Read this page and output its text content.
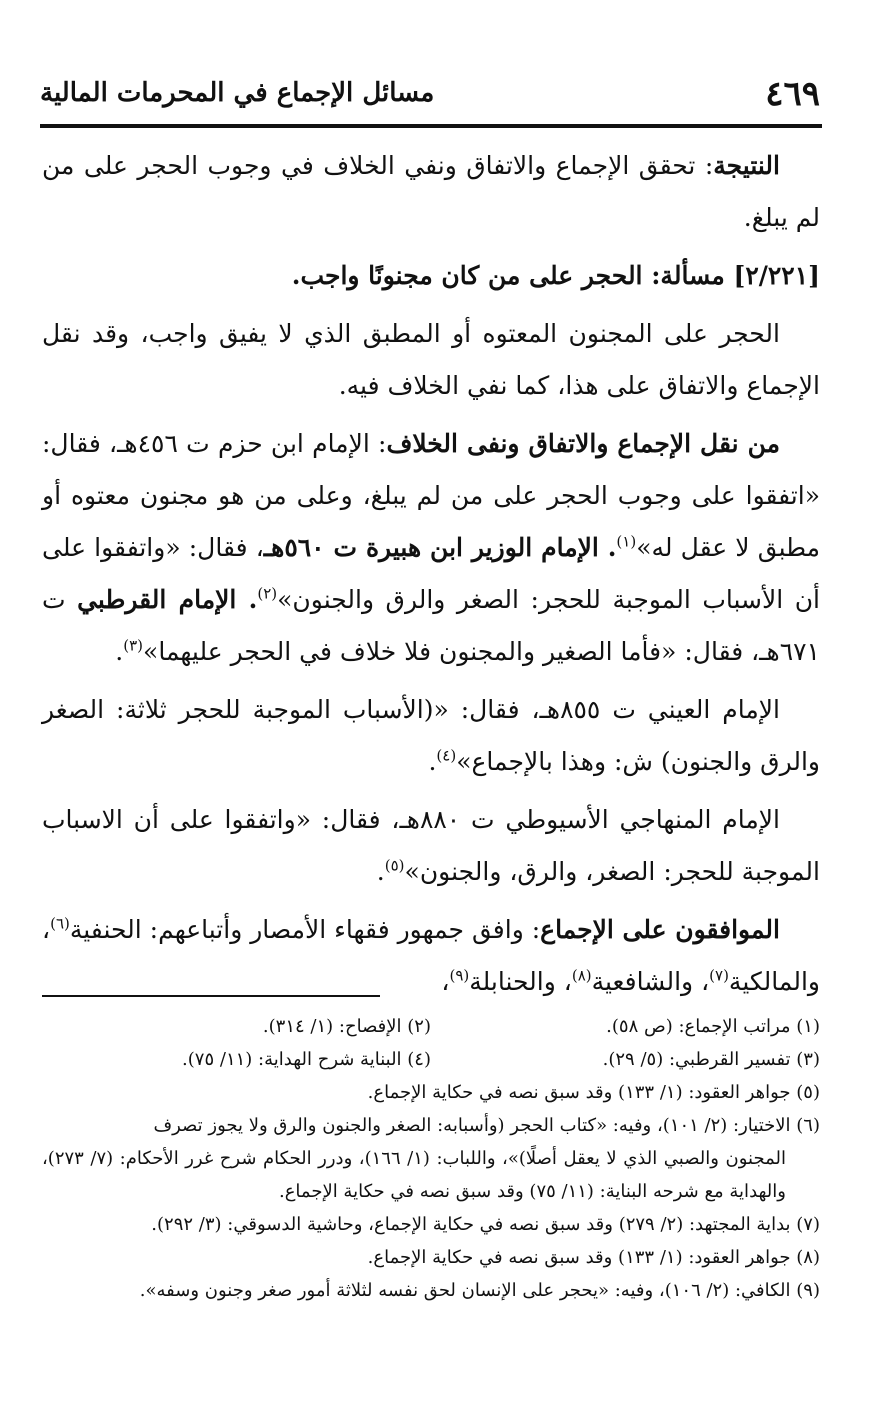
٤٦٩
مسائل الإجماع في المحرمات المالية

النتيجة: تحقق الإجماع والاتفاق ونفي الخلاف في وجوب الحجر على من لم يبلغ.

[٢/٢٢١] مسألة: الحجر على من كان مجنونًا واجب.

الحجر على المجنون المعتوه أو المطبق الذي لا يفيق واجب، وقد نقل الإجماع والاتفاق على هذا، كما نفي الخلاف فيه.

من نقل الإجماع والاتفاق ونفى الخلاف: الإمام ابن حزم ت ٤٥٦هـ، فقال: «اتفقوا على وجوب الحجر على من لم يبلغ، وعلى من هو مجنون معتوه أو مطبق لا عقل له»$^{(١)}$. الإمام الوزير ابن هبيرة ت ٥٦٠هـ، فقال: «واتفقوا على أن الأسباب الموجبة للحجر: الصغر والرق والجنون»$^{(٢)}$. الإمام القرطبي ت ٦٧١هـ، فقال: «فأما الصغير والمجنون فلا خلاف في الحجر عليهما»$^{(٣)}$.

الإمام العيني ت ٨٥٥هـ، فقال: «(الأسباب الموجبة للحجر ثلاثة: الصغر والرق والجنون) ش: وهذا بالإجماع»$^{(٤)}$.

الإمام المنهاجي الأسيوطي ت ٨٨٠هـ، فقال: «واتفقوا على أن الاسباب الموجبة للحجر: الصغر، والرق، والجنون»$^{(٥)}$.

الموافقون على الإجماع: وافق جمهور فقهاء الأمصار وأتباعهم: الحنفية$^{(٦)}$، والمالكية$^{(٧)}$، والشافعية$^{(٨)}$، والحنابلة$^{(٩)}$،

(١) مراتب الإجماع: (ص ٥٨).

(٢) الإفصاح: (١/ ٣١٤).

(٣) تفسير القرطبي: (٥/ ٢٩).

(٤) البناية شرح الهداية: (١١/ ٧٥).

(٥) جواهر العقود: (١/ ١٣٣) وقد سبق نصه في حكاية الإجماع.

(٦) الاختيار: (٢/ ١٠١)، وفيه: «كتاب الحجر (وأسبابه: الصغر والجنون والرق ولا يجوز تصرف

المجنون والصبي الذي لا يعقل أصلًا)»، واللباب: (١/ ١٦٦)، ودرر الحكام شرح غرر الأحكام: (٧/ ٢٧٣)، والهداية مع شرحه البناية: (١١/ ٧٥) وقد سبق نصه في حكاية الإجماع.

(٧) بداية المجتهد: (٢/ ٢٧٩) وقد سبق نصه في حكاية الإجماع، وحاشية الدسوقي: (٣/ ٢٩٢).

(٨) جواهر العقود: (١/ ١٣٣) وقد سبق نصه في حكاية الإجماع.

(٩) الكافي: (٢/ ١٠٦)، وفيه: «يحجر على الإنسان لحق نفسه لثلاثة أمور صغر وجنون وسفه».
